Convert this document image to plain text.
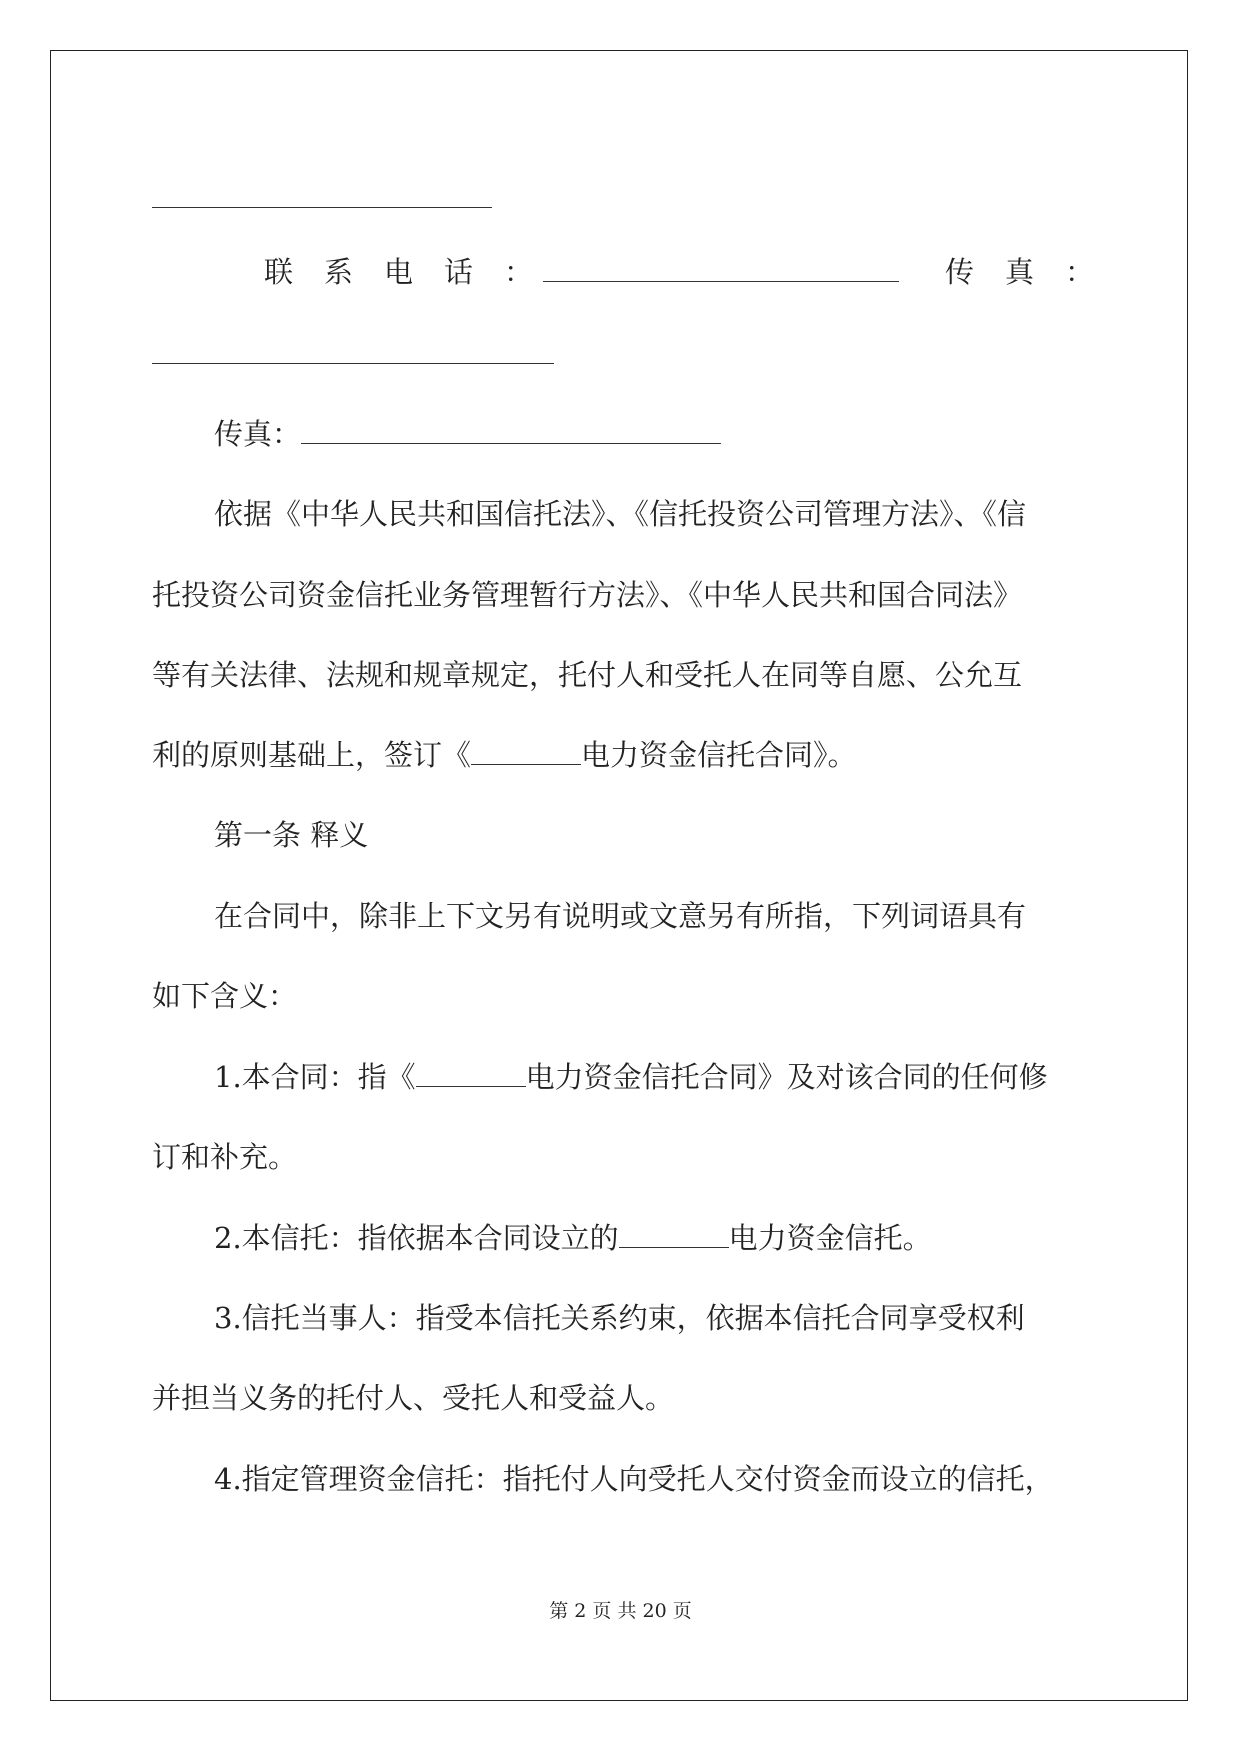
联系电话：	传真：
传真：
依据《中华人民共和国信托法》、《信托投资公司管理方法》、《信
托投资公司资金信托业务管理暂行方法》、《中华人民共和国合同法》
等有关法律、法规和规章规定，托付人和受托人在同等自愿、公允互
利的原则基础上，签订《	电力资金信托合同》。
第一条 释义
在合同中，除非上下文另有说明或文意另有所指，下列词语具有
如下含义：
1.本合同：指《	电力资金信托合同》及对该合同的任何修
订和补充。
2.本信托：指依据本合同设立的	电力资金信托。
3.信托当事人：指受本信托关系约束，依据本信托合同享受权利
并担当义务的托付人、受托人和受益人。
4.指定管理资金信托：指托付人向受托人交付资金而设立的信托，
第 2 页 共 20 页
